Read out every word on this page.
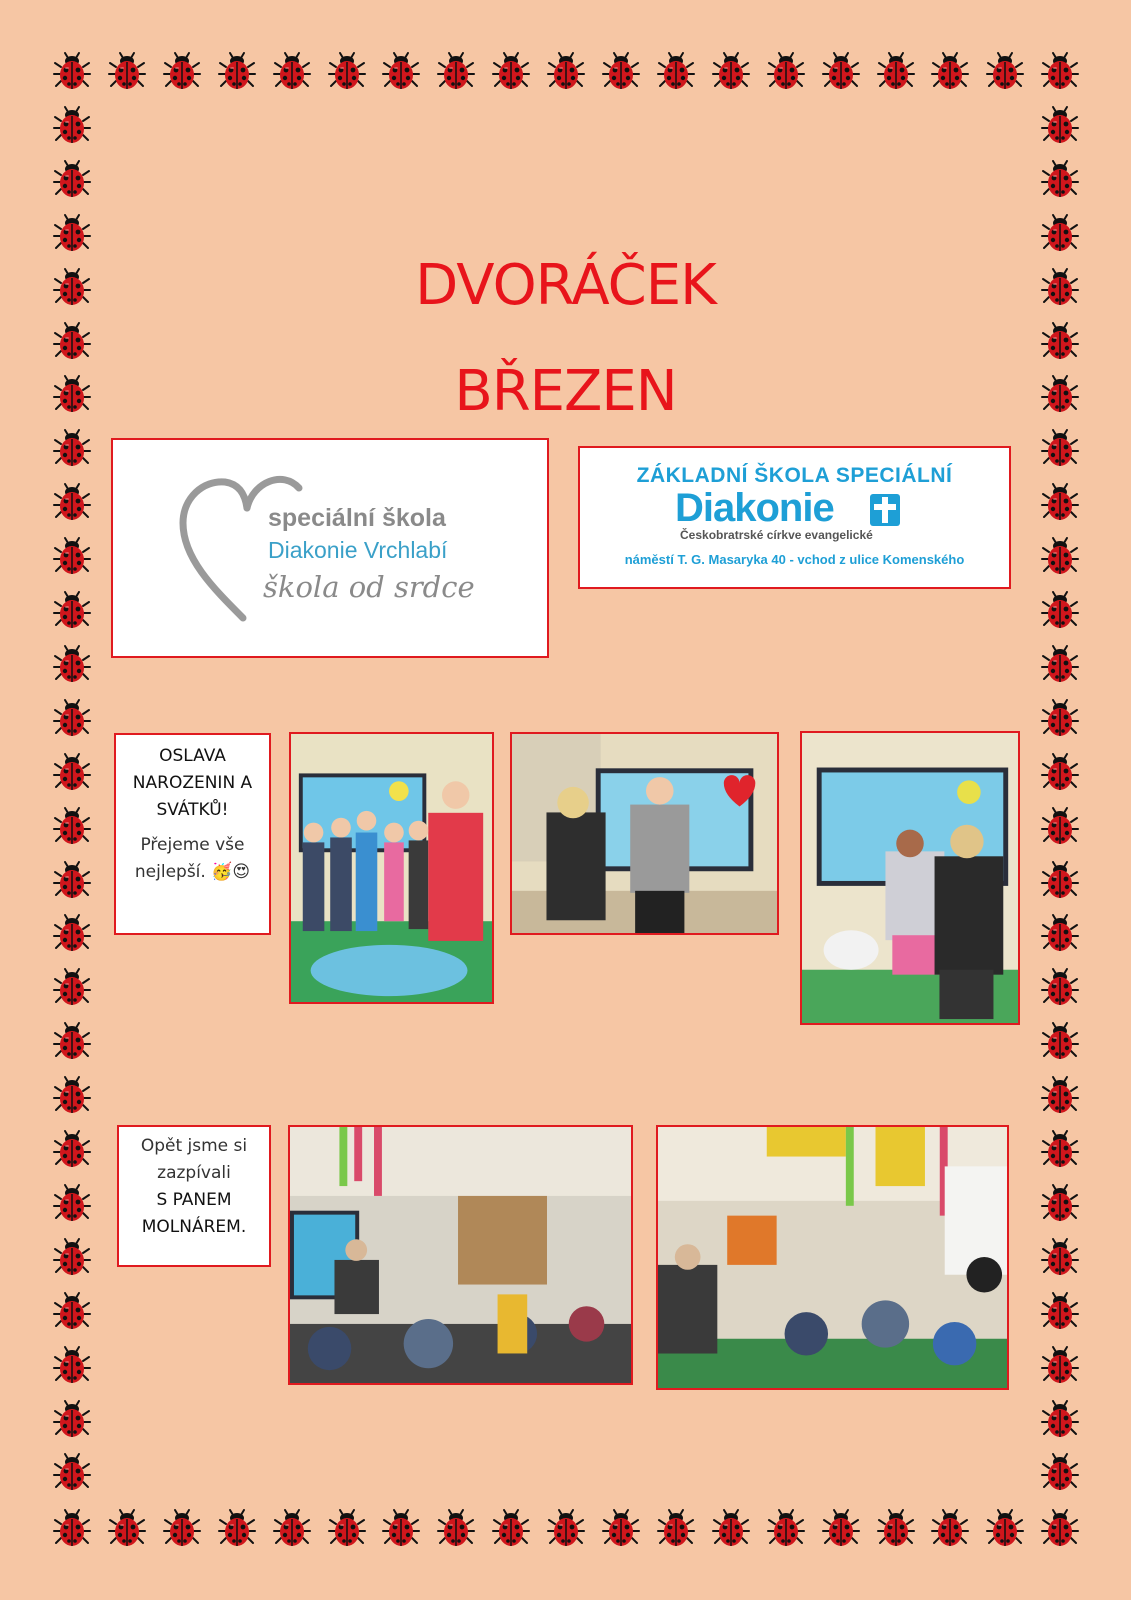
DVORÁČEK
BŘEZEN
speciální škola
Diakonie Vrchlabí
škola od srdce
ZÁKLADNÍ ŠKOLA SPECIÁLNÍ
Diakonie
Českobratrské církve evangelické
náměstí T. G. Masaryka 40 - vchod z ulice Komenského
OSLAVA
NAROZENIN A
SVÁTKŮ!
Přejeme vše
nejlepší. 🥳😍
Opět jsme si
zazpívali
S PANEM
MOLNÁREM.
